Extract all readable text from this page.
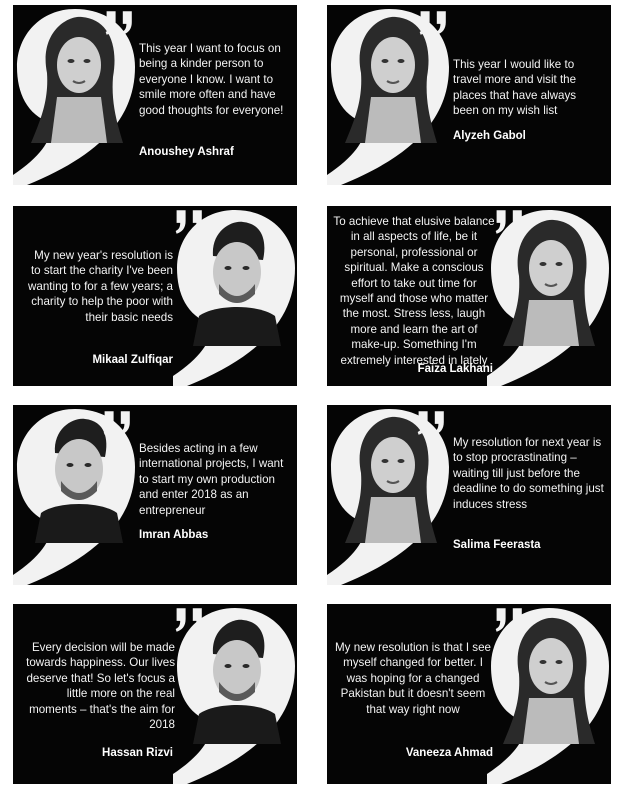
This year I want to focus on being a kinder person to everyone I know. I want to smile more often and have good thoughts for everyone!
Anoushey Ashraf
This year I would like to travel more and visit the places that have always been on my wish list
Alyzeh Gabol
My new year's resolution is to start the charity I've been wanting to for a few years; a charity to help the poor with their basic needs
Mikaal Zulfiqar
To achieve that elusive balance in all aspects of life, be it personal, professional or spiritual. Make a conscious effort to take out time for myself and those who matter the most. Stress less, laugh more and learn the art of make-up. Something I'm extremely interested in lately
Faiza Lakhani
Besides acting in a few international projects, I want to start my own production and enter 2018 as an entrepreneur
Imran Abbas
My resolution for next year is to stop procrastinating – waiting till just before the deadline to do something just induces stress
Salima Feerasta
Every decision will be made towards happiness. Our lives deserve that! So let's focus a little more on the real moments – that's the aim for 2018
Hassan Rizvi
My new resolution is that I see myself changed for better. I was hoping for a changed Pakistan but it doesn't seem that way right now
Vaneeza Ahmad
